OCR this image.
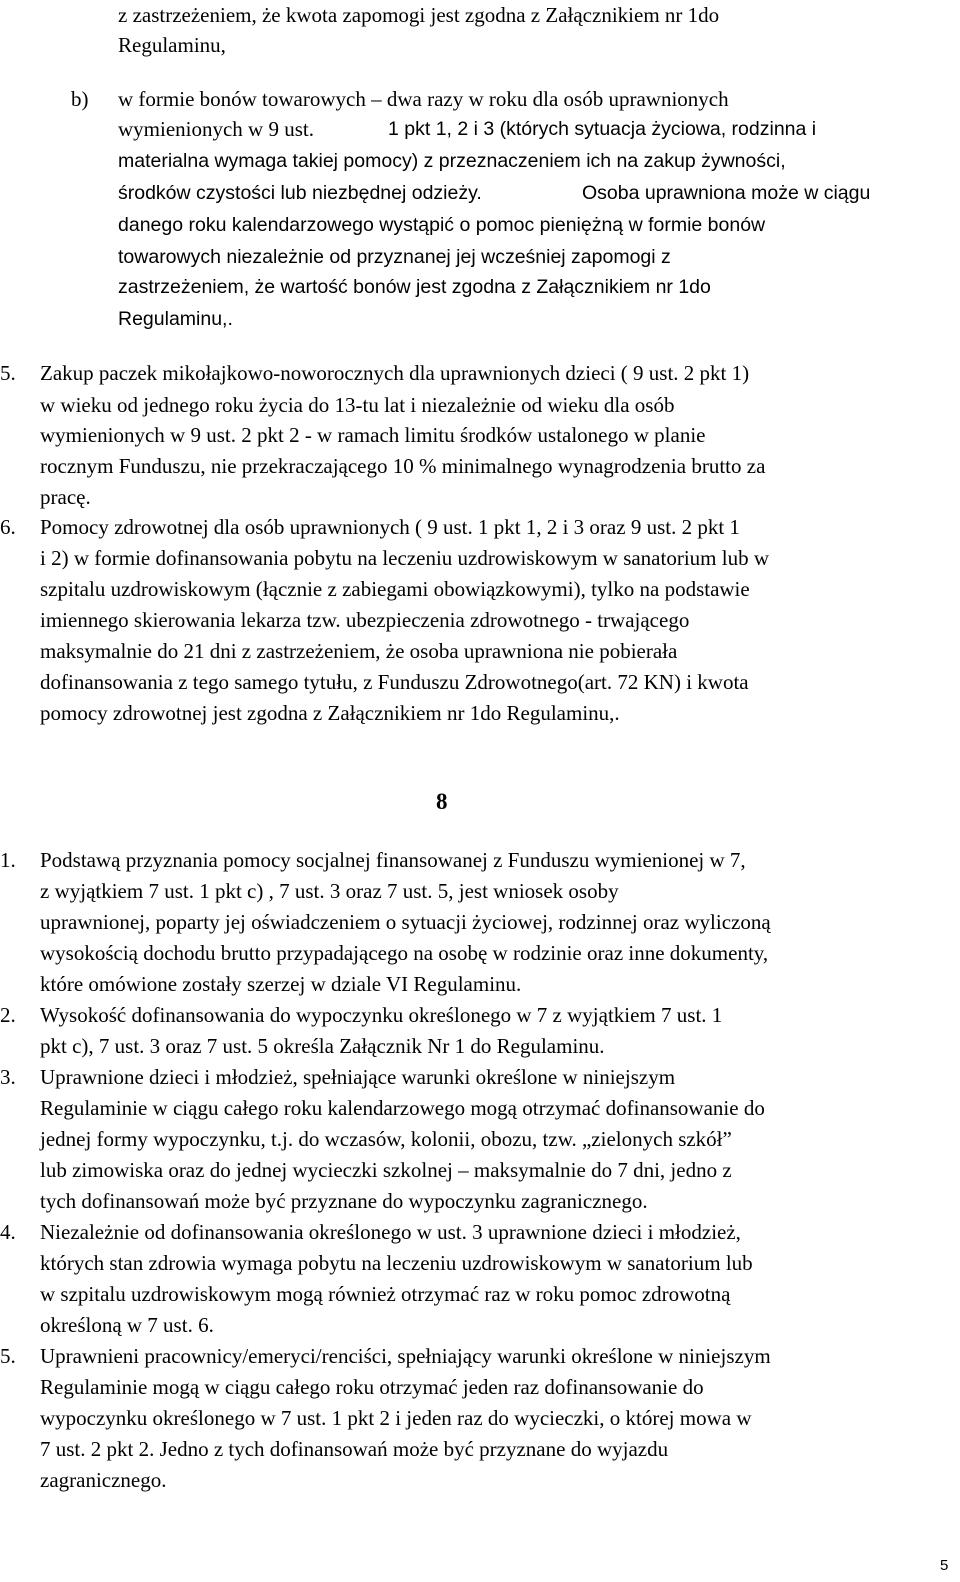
z zastrzeżeniem, że kwota zapomogi jest zgodna z Załącznikiem nr 1do
Regulaminu,
b) w formie bonów towarowych – dwa razy w roku dla osób uprawnionych
wymienionych w 9 ust.	1 pkt 1, 2 i 3 (których sytuacja życiowa, rodzinna i
materialna wymaga takiej pomocy) z przeznaczeniem ich na zakup żywności,
środków czystości lub niezbędnej odzieży.	Osoba uprawniona może w ciągu
danego roku kalendarzowego wystąpić o pomoc pieniężną w formie bonów
towarowych niezależnie od przyznanej jej wcześniej zapomogi z
zastrzeżeniem, że wartość bonów jest zgodna z Załącznikiem nr 1do
Regulaminu,.
5. Zakup paczek mikołajkowo-noworocznych dla uprawnionych dzieci ( 9 ust. 2 pkt 1)
w wieku od jednego roku życia do 13-tu lat i niezależnie od wieku dla osób
wymienionych w 9 ust. 2 pkt 2 - w ramach limitu środków ustalonego w planie
rocznym Funduszu, nie przekraczającego 10 % minimalnego wynagrodzenia brutto za
pracę.
6. Pomocy zdrowotnej dla osób uprawnionych ( 9 ust. 1 pkt 1, 2 i 3 oraz 9 ust. 2 pkt 1
i 2) w formie dofinansowania pobytu na leczeniu uzdrowiskowym w sanatorium lub w
szpitalu uzdrowiskowym (łącznie z zabiegami obowiązkowymi), tylko na podstawie
imiennego skierowania lekarza tzw. ubezpieczenia zdrowotnego - trwającego
maksymalnie do 21 dni z zastrzeżeniem, że osoba uprawniona nie pobierała
dofinansowania z tego samego tytułu, z Funduszu Zdrowotnego(art. 72 KN) i kwota
pomocy zdrowotnej jest zgodna z Załącznikiem nr 1do Regulaminu,.
8
1. Podstawą przyznania pomocy socjalnej finansowanej z Funduszu wymienionej w 7,
z wyjątkiem 7 ust. 1 pkt c) , 7 ust. 3 oraz 7 ust. 5, jest wniosek osoby
uprawnionej, poparty jej oświadczeniem o sytuacji życiowej, rodzinnej oraz wyliczoną
wysokością dochodu brutto przypadającego na osobę w rodzinie oraz inne dokumenty,
które omówione zostały szerzej w dziale VI Regulaminu.
2. Wysokość dofinansowania do wypoczynku określonego w 7 z wyjątkiem 7 ust. 1
pkt c), 7 ust. 3 oraz 7 ust. 5 określa Załącznik Nr 1 do Regulaminu.
3. Uprawnione dzieci i młodzież, spełniające warunki określone w niniejszym
Regulaminie w ciągu całego roku kalendarzowego mogą otrzymać dofinansowanie do
jednej formy wypoczynku, t.j. do wczasów, kolonii, obozu, tzw. „zielonych szkół”
lub zimowiska oraz do jednej wycieczki szkolnej – maksymalnie do 7 dni, jedno z
tych dofinansowań może być przyznane do wypoczynku zagranicznego.
4. Niezależnie od dofinansowania określonego w ust. 3 uprawnione dzieci i młodzież,
których stan zdrowia wymaga pobytu na leczeniu uzdrowiskowym w sanatorium lub
w szpitalu uzdrowiskowym mogą również otrzymać raz w roku pomoc zdrowotną
określoną w 7 ust. 6.
5. Uprawnieni pracownicy/emeryci/renciści, spełniający warunki określone w niniejszym
Regulaminie mogą w ciągu całego roku otrzymać jeden raz dofinansowanie do
wypoczynku określonego w 7 ust. 1 pkt 2 i jeden raz do wycieczki, o której mowa w
7 ust. 2 pkt 2. Jedno z tych dofinansowań może być przyznane do wyjazdu
zagranicznego.
5
